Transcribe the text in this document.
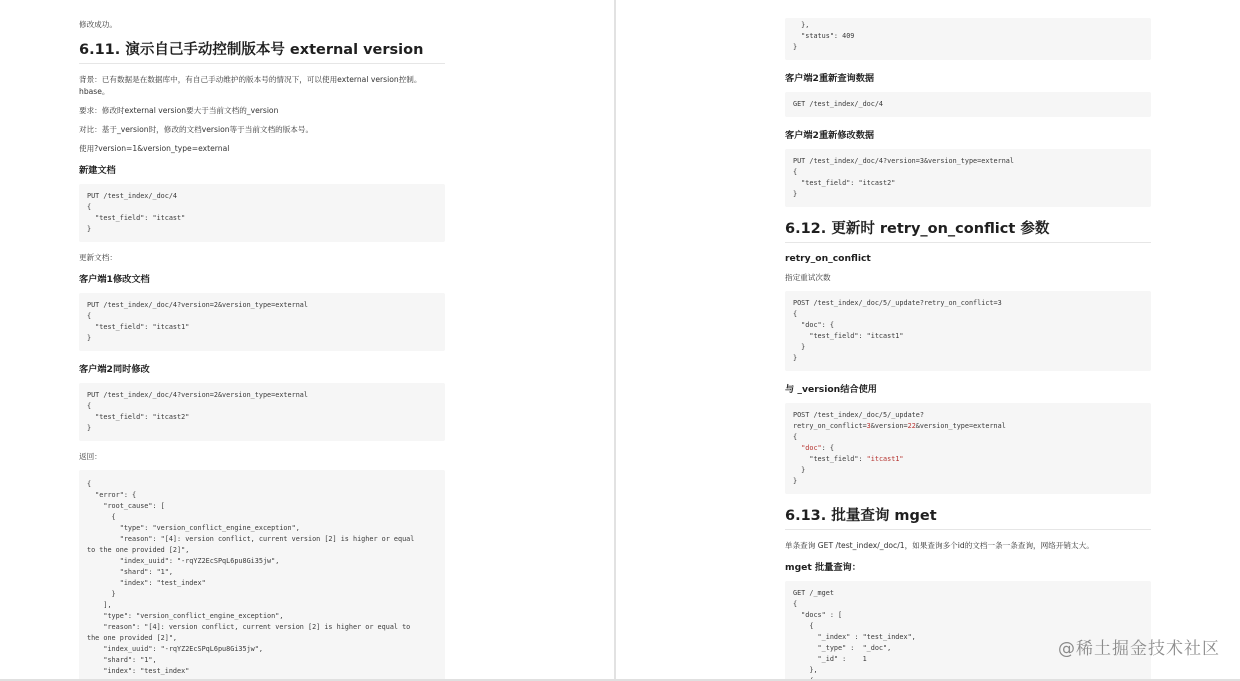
修改成功。

6.11. 演示自己手动控制版本号 external version

背景：已有数据是在数据库中，有自己手动维护的版本号的情况下，可以使用external version控制。hbase。

要求：修改时external version要大于当前文档的_version

对比：基于_version时，修改的文档version等于当前文档的版本号。

使用?version=1&version_type=external

新建文档
PUT /test_index/_doc/4
{
"test_field": "itcast"
}

更新文档：

客户端1修改文档
PUT /test_index/_doc/4?version=2&version_type=external
{
"test_field": "itcast1"
}
客户端2同时修改
PUT /test_index/_doc/4?version=2&version_type=external
{
"test_field": "itcast2"
}

返回：

{
"error": {
"root_cause": [
{
"type": "version_conflict_engine_exception",
"reason": "[4]: version conflict, current version [2] is higher or equal
to the one provided [2]",
"index_uuid": "-rqYZ2EcSPqL6pu8Gi35jw",
"shard": "1",
"index": "test_index"
}
],
"type": "version_conflict_engine_exception",
"reason": "[4]: version conflict, current version [2] is higher or equal to
the one provided [2]",
"index_uuid": "-rqYZ2EcSPqL6pu8Gi35jw",
"shard": "1",
"index": "test_index"
},
"status": 409
}
客户端2重新查询数据
GET /test_index/_doc/4
客户端2重新修改数据
PUT /test_index/_doc/4?version=3&version_type=external
{
"test_field": "itcast2"
}
6.12. 更新时 retry_on_conflict 参数
retry_on_conflict

指定重试次数

POST /test_index/_doc/5/_update?retry_on_conflict=3
{
"doc": {
"test_field": "itcast1"
}
}
与 _version结合使用
POST /test_index/_doc/5/_update?
retry_on_conflict=3&version=22&version_type=external
{
"doc": {
"test_field": "itcast1"
}
}
6.13. 批量查询 mget

单条查询 GET /test_index/_doc/1，如果查询多个id的文档一条一条查询，网络开销太大。

mget 批量查询：
GET /_mget
{
"docs" : [
{
"_index" : "test_index",
"_type" :  "_doc",
"_id" :    1
},

@稀土掘金技术社区
